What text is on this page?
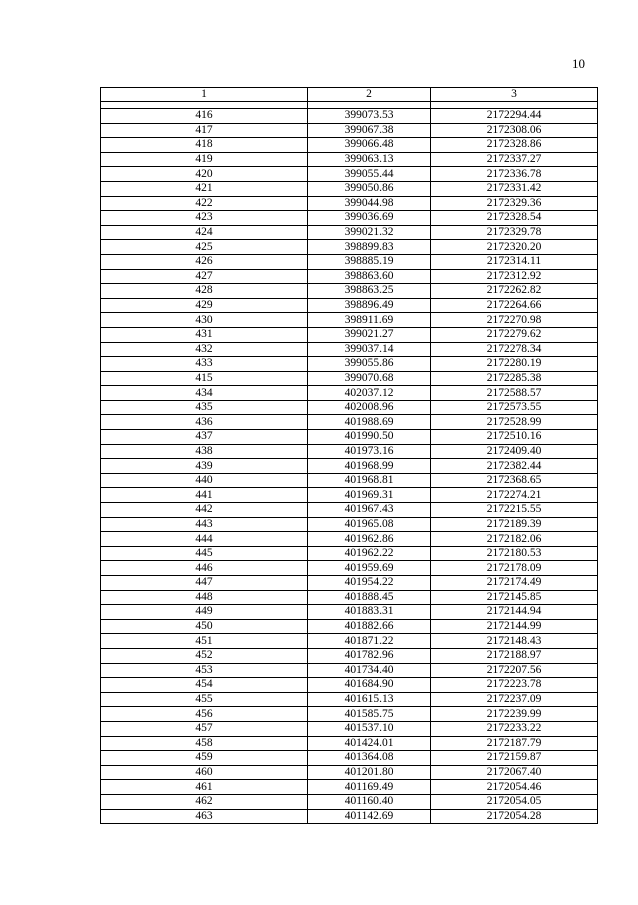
10
1	2	3

416	399073.53	2172294.44
417	399067.38	2172308.06
418	399066.48	2172328.86
419	399063.13	2172337.27
420	399055.44	2172336.78
421	399050.86	2172331.42
422	399044.98	2172329.36
423	399036.69	2172328.54
424	399021.32	2172329.78
425	398899.83	2172320.20
426	398885.19	2172314.11
427	398863.60	2172312.92
428	398863.25	2172262.82
429	398896.49	2172264.66
430	398911.69	2172270.98
431	399021.27	2172279.62
432	399037.14	2172278.34
433	399055.86	2172280.19
415	399070.68	2172285.38
434	402037.12	2172588.57
435	402008.96	2172573.55
436	401988.69	2172528.99
437	401990.50	2172510.16
438	401973.16	2172409.40
439	401968.99	2172382.44
440	401968.81	2172368.65
441	401969.31	2172274.21
442	401967.43	2172215.55
443	401965.08	2172189.39
444	401962.86	2172182.06
445	401962.22	2172180.53
446	401959.69	2172178.09
447	401954.22	2172174.49
448	401888.45	2172145.85
449	401883.31	2172144.94
450	401882.66	2172144.99
451	401871.22	2172148.43
452	401782.96	2172188.97
453	401734.40	2172207.56
454	401684.90	2172223.78
455	401615.13	2172237.09
456	401585.75	2172239.99
457	401537.10	2172233.22
458	401424.01	2172187.79
459	401364.08	2172159.87
460	401201.80	2172067.40
461	401169.49	2172054.46
462	401160.40	2172054.05
463	401142.69	2172054.28
